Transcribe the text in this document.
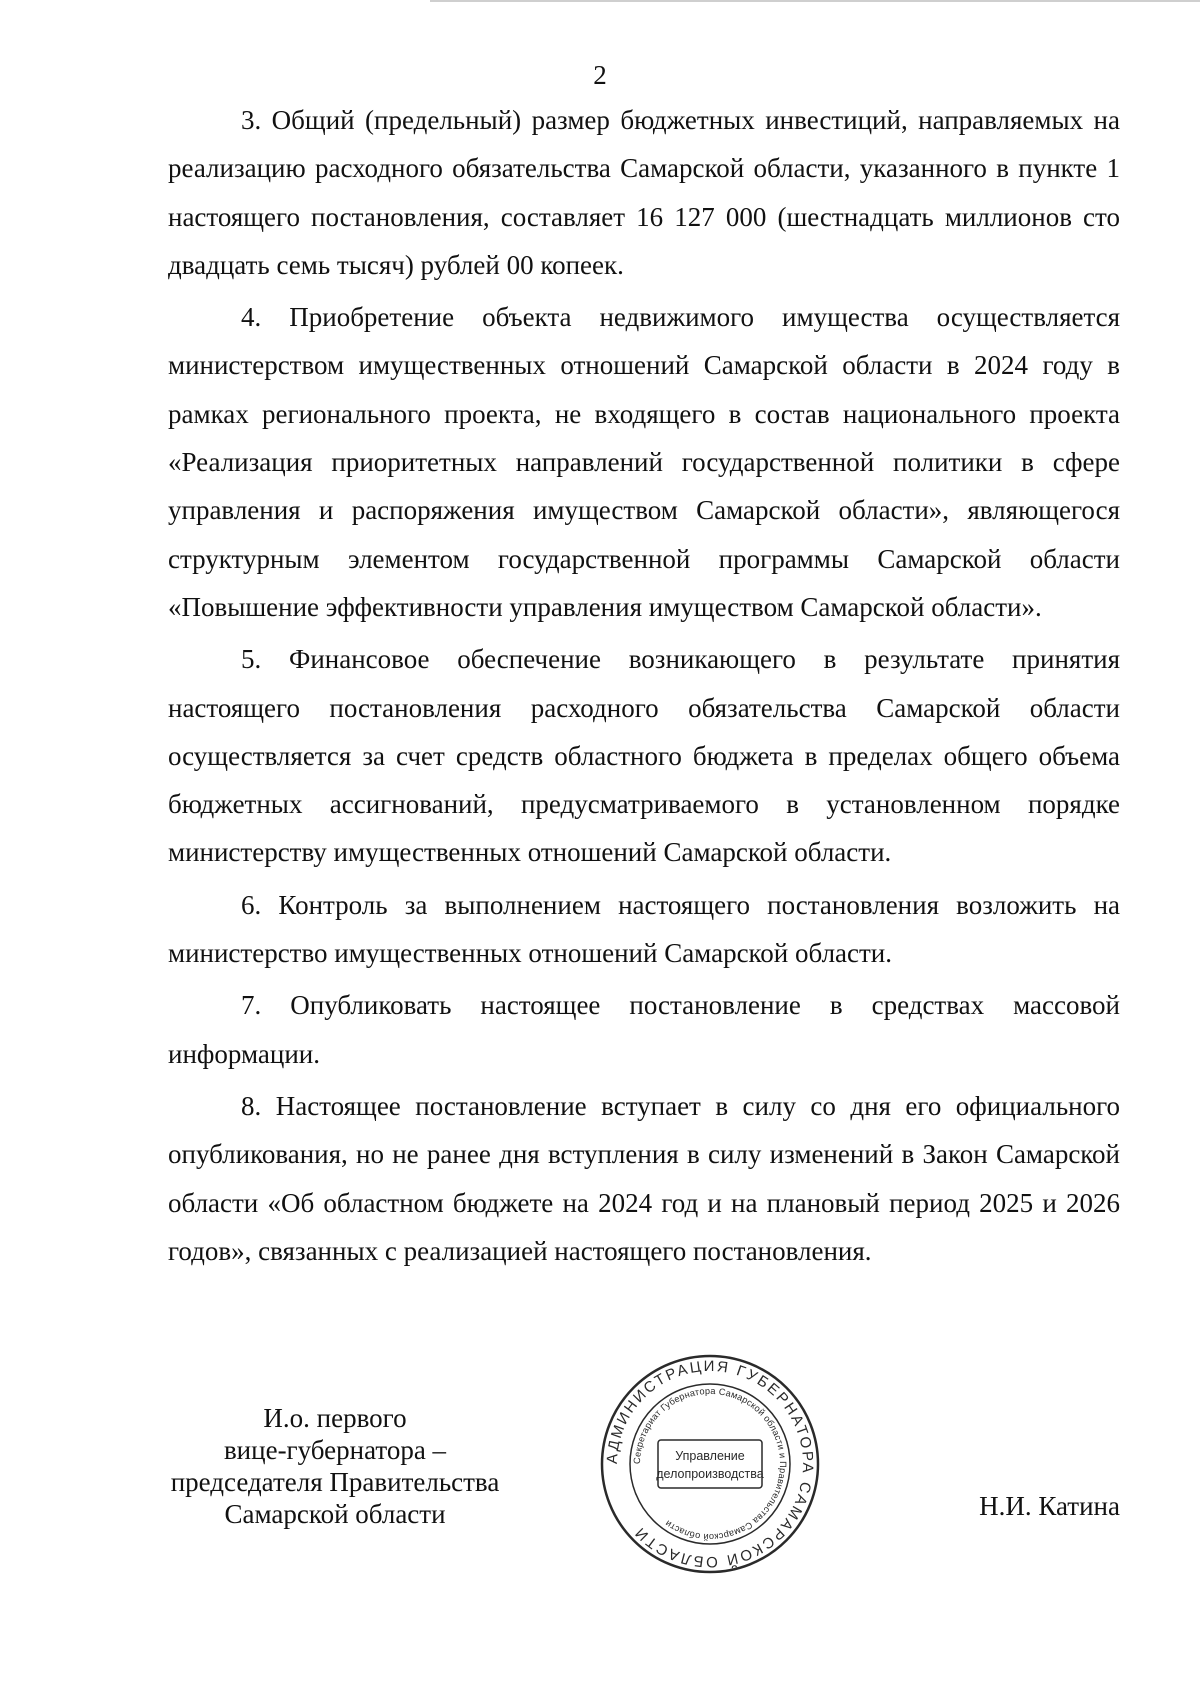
2

3. Общий (предельный) размер бюджетных инвестиций, направляемых на реализацию расходного обязательства Самарской области, указанного в пункте 1 настоящего постановления, составляет 16 127 000 (шестнадцать миллионов сто двадцать семь тысяч) рублей 00 копеек.

4. Приобретение объекта недвижимого имущества осуществляется министерством имущественных отношений Самарской области в 2024 году в рамках регионального проекта, не входящего в состав национального проекта «Реализация приоритетных направлений государственной политики в сфере управления и распоряжения имуществом Самарской области», являющегося структурным элементом государственной программы Самарской области «Повышение эффективности управления имуществом Самарской области».

5. Финансовое обеспечение возникающего в результате принятия настоящего постановления расходного обязательства Самарской области осуществляется за счет средств областного бюджета в пределах общего объема бюджетных ассигнований, предусматриваемого в установленном порядке министерству имущественных отношений Самарской области.

6. Контроль за выполнением настоящего постановления возложить на министерство имущественных отношений Самарской области.

7. Опубликовать настоящее постановление в средствах массовой информации.

8. Настоящее постановление вступает в силу со дня его официального опубликования, но не ранее дня вступления в силу изменений в Закон Самарской области «Об областном бюджете на 2024 год и на плановый период 2025 и 2026 годов», связанных с реализацией настоящего постановления.

И.о. первого
вице-губернатора –
председателя Правительства
Самарской области
АДМИНИСТРАЦИЯ ГУБЕРНАТОРА САМАРСКОЙ ОБЛАСТИ
Секретариат Губернатора Самарской области и Правительства Самарской области
Управление
делопроизводства
Н.И. Катина
